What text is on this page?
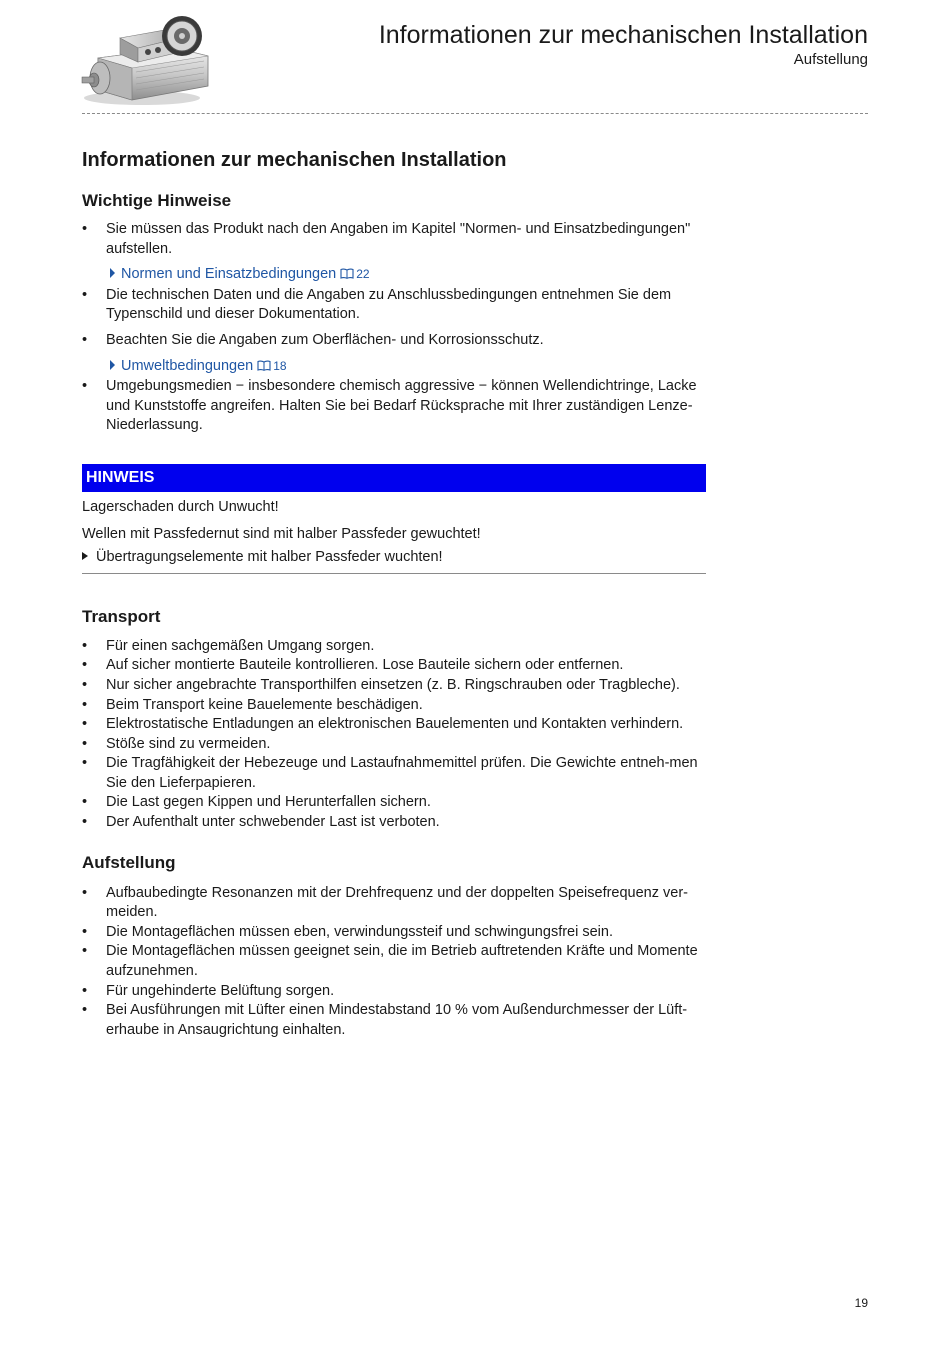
Informationen zur mechanischen Installation
Aufstellung
Informationen zur mechanischen Installation
Wichtige Hinweise
• Sie müssen das Produkt nach den Angaben im Kapitel "Normen- und Einsatzbedingungen" aufstellen.
Normen und Einsatzbedingungen 22
• Die technischen Daten und die Angaben zu Anschlussbedingungen entnehmen Sie dem Typenschild und dieser Dokumentation.
• Beachten Sie die Angaben zum Oberflächen- und Korrosionsschutz.
Umweltbedingungen 18
• Umgebungsmedien − insbesondere chemisch aggressive − können Wellendichtringe, Lacke und Kunststoffe angreifen. Halten Sie bei Bedarf Rücksprache mit Ihrer zuständigen Lenze-Niederlassung.
HINWEIS

Lagerschaden durch Unwucht!

Wellen mit Passfedernut sind mit halber Passfeder gewuchtet!

Übertragungselemente mit halber Passfeder wuchten!

Transport
• Für einen sachgemäßen Umgang sorgen.
• Auf sicher montierte Bauteile kontrollieren. Lose Bauteile sichern oder entfernen.
• Nur sicher angebrachte Transporthilfen einsetzen (z. B. Ringschrauben oder Tragbleche).
• Beim Transport keine Bauelemente beschädigen.
• Elektrostatische Entladungen an elektronischen Bauelementen und Kontakten verhindern.
• Stöße sind zu vermeiden.
• Die Tragfähigkeit der Hebezeuge und Lastaufnahmemittel prüfen. Die Gewichte entneh-men Sie den Lieferpapieren.
• Die Last gegen Kippen und Herunterfallen sichern.
• Der Aufenthalt unter schwebender Last ist verboten.
Aufstellung
• Aufbaubedingte Resonanzen mit der Drehfrequenz und der doppelten Speisefrequenz ver-meiden.
• Die Montageflächen müssen eben, verwindungssteif und schwingungsfrei sein.
• Die Montageflächen müssen geeignet sein, die im Betrieb auftretenden Kräfte und Momente aufzunehmen.
• Für ungehinderte Belüftung sorgen.
• Bei Ausführungen mit Lüfter einen Mindestabstand 10 % vom Außendurchmesser der Lüft-erhaube in Ansaugrichtung einhalten.
19
